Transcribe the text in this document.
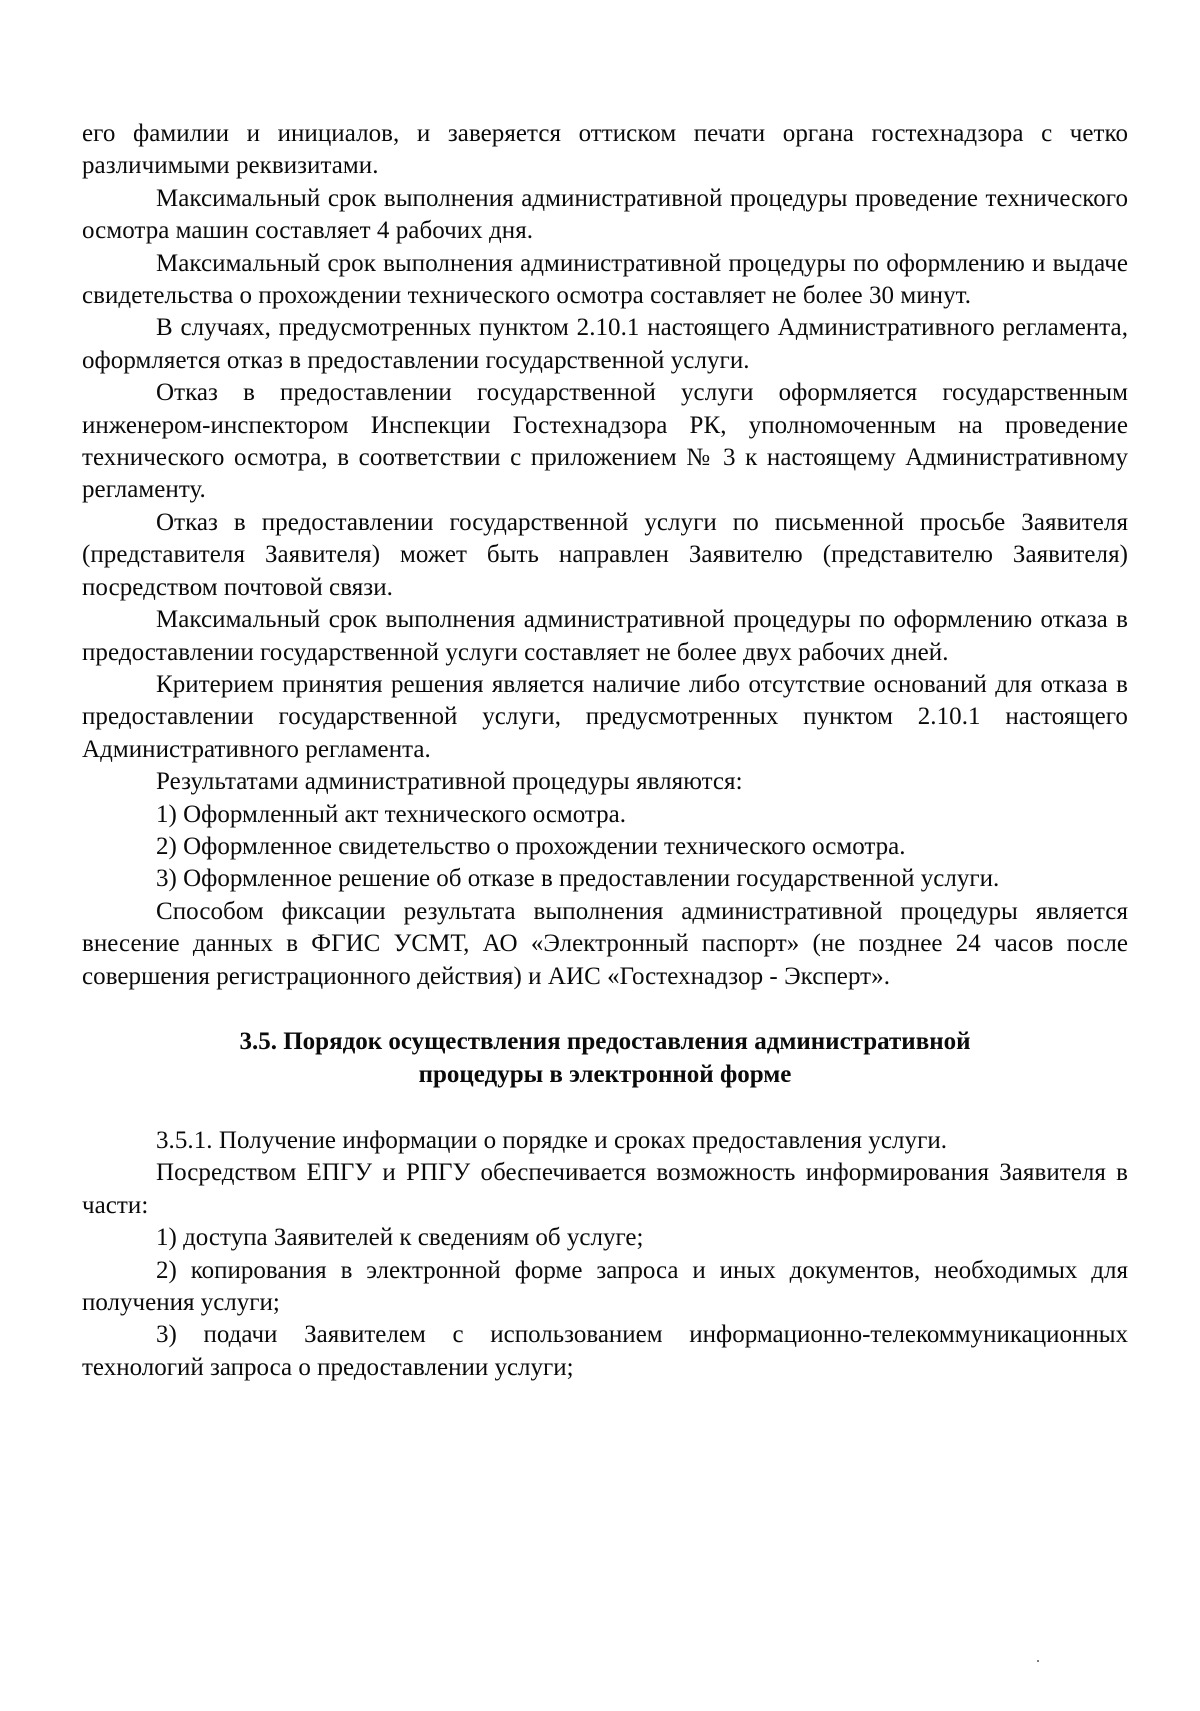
его фамилии и инициалов, и заверяется оттиском печати органа гостехнадзора с четко различимыми реквизитами.

Максимальный срок выполнения административной процедуры проведение технического осмотра машин составляет 4 рабочих дня.

Максимальный срок выполнения административной процедуры по оформлению и выдаче свидетельства о прохождении технического осмотра составляет не более 30 минут.

В случаях, предусмотренных пунктом 2.10.1 настоящего Административного регламента, оформляется отказ в предоставлении государственной услуги.

Отказ в предоставлении государственной услуги оформляется государственным инженером-инспектором Инспекции Гостехнадзора РК, уполномоченным на проведение технического осмотра, в соответствии с приложением № 3 к настоящему Административному регламенту.

Отказ в предоставлении государственной услуги по письменной просьбе Заявителя (представителя Заявителя) может быть направлен Заявителю (представителю Заявителя) посредством почтовой связи.

Максимальный срок выполнения административной процедуры по оформлению отказа в предоставлении государственной услуги составляет не более двух рабочих дней.

Критерием принятия решения является наличие либо отсутствие оснований для отказа в предоставлении государственной услуги, предусмотренных пунктом 2.10.1 настоящего Административного регламента.

Результатами административной процедуры являются:

1) Оформленный акт технического осмотра.

2) Оформленное свидетельство о прохождении технического осмотра.

3) Оформленное решение об отказе в предоставлении государственной услуги.

Способом фиксации результата выполнения административной процедуры является внесение данных в ФГИС УСМТ, АО «Электронный паспорт» (не позднее 24 часов после совершения регистрационного действия) и АИС «Гостехнадзор - Эксперт».

3.5. Порядок осуществления предоставления административной
процедуры в электронной форме

3.5.1. Получение информации о порядке и сроках предоставления услуги.

Посредством ЕПГУ и РПГУ обеспечивается возможность информирования Заявителя в части:

1) доступа Заявителей к сведениям об услуге;

2) копирования в электронной форме запроса и иных документов, необходимых для получения услуги;

3) подачи Заявителем с использованием информационно-телекоммуникационных технологий запроса о предоставлении услуги;
